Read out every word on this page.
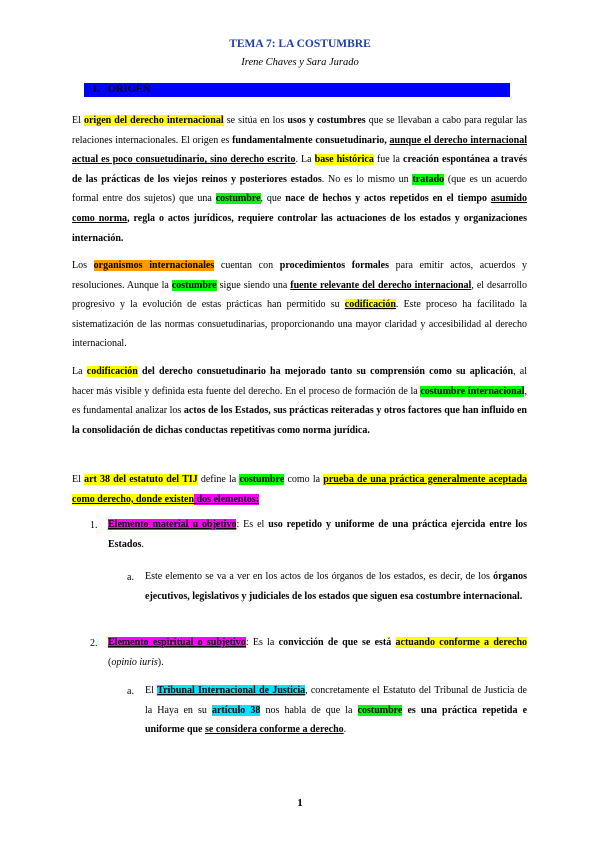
TEMA 7: LA COSTUMBRE
Irene Chaves y Sara Jurado
1. ORIGEN

El origen del derecho internacional se sitúa en los usos y costumbres que se llevaban a cabo para regular las relaciones internacionales. El origen es fundamentalmente consuetudinario, aunque el derecho internacional actual es poco consuetudinario, sino derecho escrito. La base histórica fue la creación espontánea a través de las prácticas de los viejos reinos y posteriores estados. No es lo mismo un tratado (que es un acuerdo formal entre dos sujetos) que una costumbre, que nace de hechos y actos repetidos en el tiempo asumido como norma, regla o actos jurídicos, requiere controlar las actuaciones de los estados y organizaciones internación.

Los organismos internacionales cuentan con procedimientos formales para emitir actos, acuerdos y resoluciones. Aunque la costumbre sigue siendo una fuente relevante del derecho internacional, el desarrollo progresivo y la evolución de estas prácticas han permitido su codificación. Este proceso ha facilitado la sistematización de las normas consuetudinarias, proporcionando una mayor claridad y accesibilidad al derecho internacional.

La codificación del derecho consuetudinario ha mejorado tanto su comprensión como su aplicación, al hacer más visible y definida esta fuente del derecho. En el proceso de formación de la costumbre internacional, es fundamental analizar los actos de los Estados, sus prácticas reiteradas y otros factores que han influido en la consolidación de dichas conductas repetitivas como norma jurídica.

El art 38 del estatuto del TIJ define la costumbre como la prueba de una práctica generalmente aceptada como derecho, donde existen dos elementos:

1. Elemento material u objetivo: Es el uso repetido y uniforme de una práctica ejercida entre los Estados.

a. Este elemento se va a ver en los actos de los órganos de los estados, es decir, de los órganos ejecutivos, legislativos y judiciales de los estados que siguen esa costumbre internacional.

2. Elemento espiritual o subjetivo: Es la convicción de que se está actuando conforme a derecho (opinio iuris).

a. El Tribunal Internacional de Justicia, concretamente el Estatuto del Tribunal de Justicia de la Haya en su artículo 38 nos habla de que la costumbre es una práctica repetida e uniforme que se considera conforme a derecho.

1
